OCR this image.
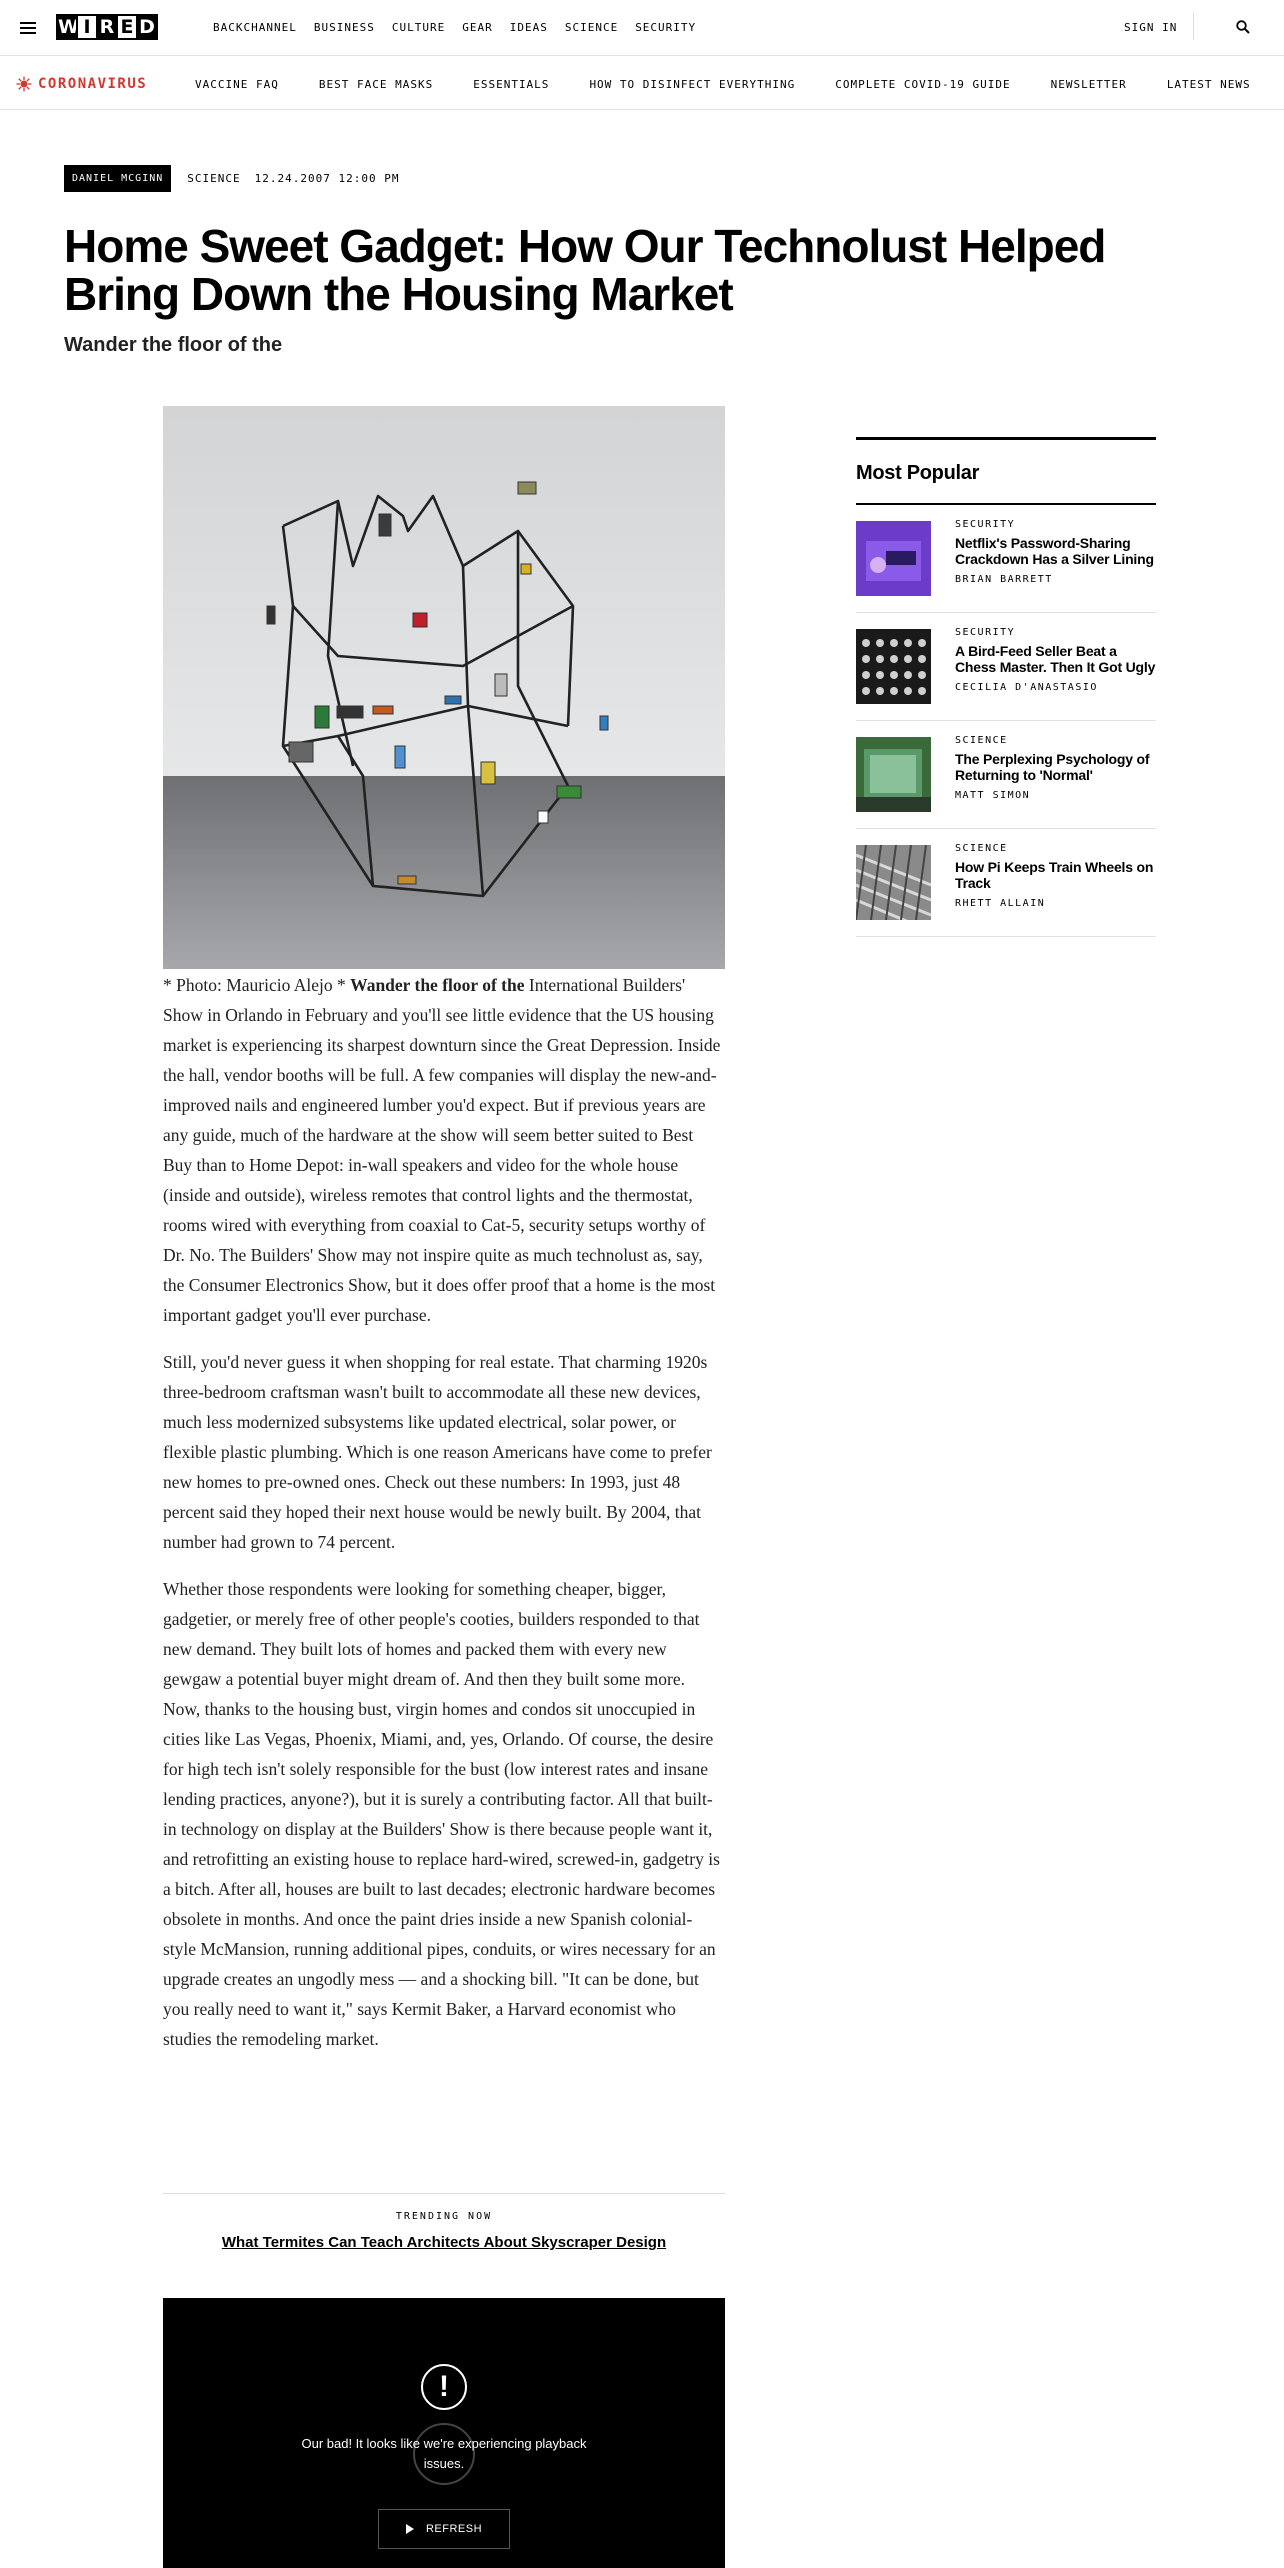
W I R E D	BACKCHANNEL BUSINESS CULTURE GEAR IDEAS SCIENCE SECURITY	SIGN IN
CORONAVIRUS	VACCINE FAQ	BEST FACE MASKS	ESSENTIALS	HOW TO DISINFECT EVERYTHING	COMPLETE COVID-19 GUIDE	NEWSLETTER	LATEST NEWS
DANIEL MCGINN	SCIENCE 12.24.2007 12:00 PM
Home Sweet Gadget: How Our Technolust Helped Bring Down the Housing Market
Wander the floor of the

* Photo: Mauricio Alejo * Wander the floor of the International Builders' Show in Orlando in February and you'll see little evidence that the US housing market is experiencing its sharpest downturn since the Great Depression. Inside the hall, vendor booths will be full. A few companies will display the new-and-improved nails and engineered lumber you'd expect. But if previous years are any guide, much of the hardware at the show will seem better suited to Best Buy than to Home Depot: in-wall speakers and video for the whole house (inside and outside), wireless remotes that control lights and the thermostat, rooms wired with everything from coaxial to Cat-5, security setups worthy of Dr. No. The Builders' Show may not inspire quite as much technolust as, say, the Consumer Electronics Show, but it does offer proof that a home is the most important gadget you'll ever purchase.

Still, you'd never guess it when shopping for real estate. That charming 1920s three-bedroom craftsman wasn't built to accommodate all these new devices, much less modernized subsystems like updated electrical, solar power, or flexible plastic plumbing. Which is one reason Americans have come to prefer new homes to pre-owned ones. Check out these numbers: In 1993, just 48 percent said they hoped their next house would be newly built. By 2004, that number had grown to 74 percent.

Whether those respondents were looking for something cheaper, bigger, gadgetier, or merely free of other people's cooties, builders responded to that new demand. They built lots of homes and packed them with every new gewgaw a potential buyer might dream of. And then they built some more. Now, thanks to the housing bust, virgin homes and condos sit unoccupied in cities like Las Vegas, Phoenix, Miami, and, yes, Orlando. Of course, the desire for high tech isn't solely responsible for the bust (low interest rates and insane lending practices, anyone?), but it is surely a contributing factor. All that built-in technology on display at the Builders' Show is there because people want it, and retrofitting an existing house to replace hard-wired, screwed-in, gadgetry is a bitch. After all, houses are built to last decades; electronic hardware becomes obsolete in months. And once the paint dries inside a new Spanish colonial-style McMansion, running additional pipes, conduits, or wires necessary for an upgrade creates an ungodly mess — and a shocking bill. "It can be done, but you really need to want it," says Kermit Baker, a Harvard economist who studies the remodeling market.

TRENDING NOW
What Termites Can Teach Architects About Skyscraper Design
!
Our bad! It looks like we're experiencing playback issues.
REFRESH
Most Popular
SECURITY
Netflix's Password-Sharing Crackdown Has a Silver Lining
BRIAN BARRETT
SECURITY
A Bird-Feed Seller Beat a Chess Master. Then It Got Ugly
CECILIA D'ANASTASIO
SCIENCE
The Perplexing Psychology of Returning to 'Normal'
MATT SIMON
SCIENCE
How Pi Keeps Train Wheels on Track
RHETT ALLAIN
